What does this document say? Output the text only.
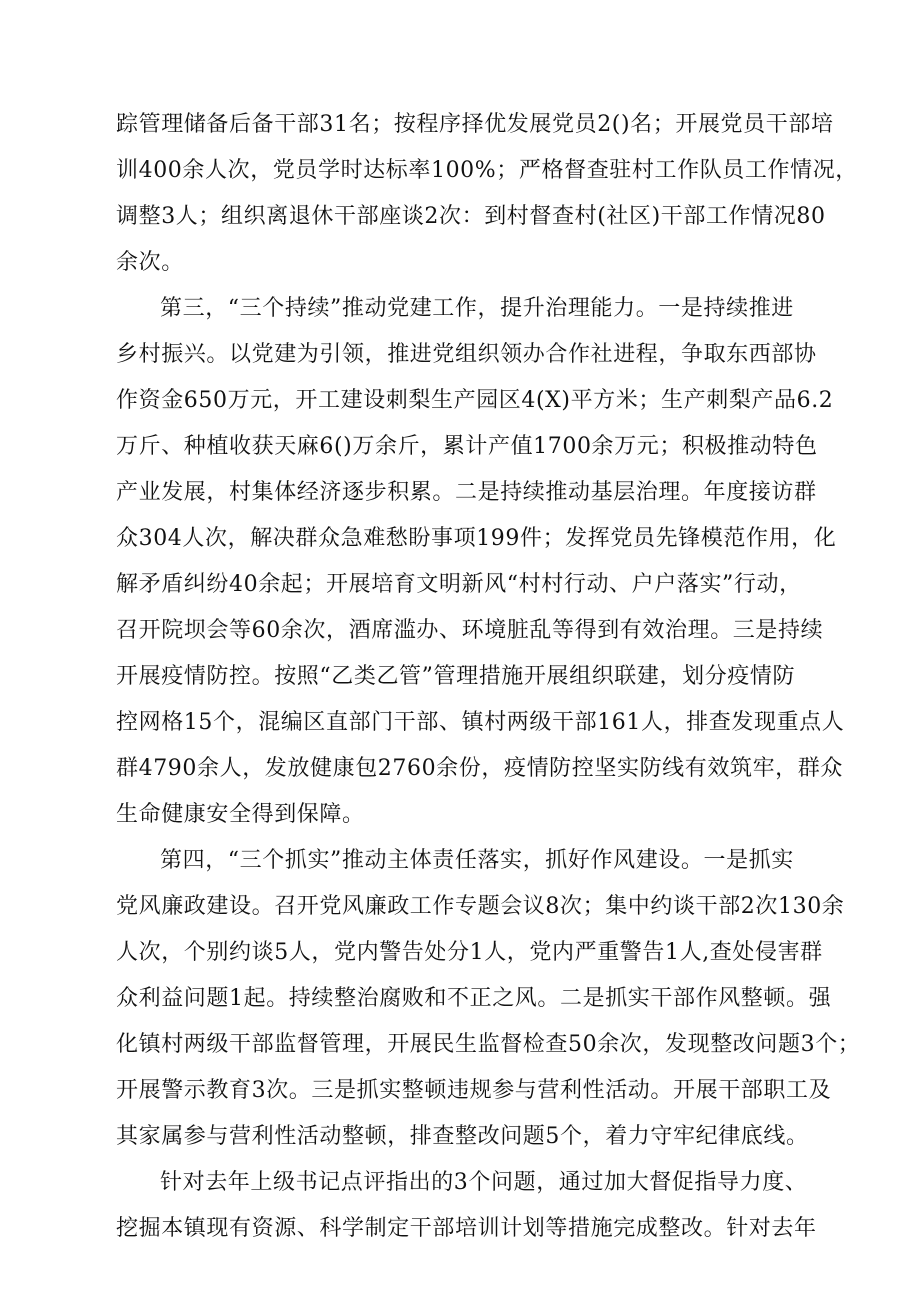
踪管理储备后备干部31名；按程序择优发展党员2()名；开展党员干部培
训400余人次，党员学时达标率100%；严格督查驻村工作队员工作情况，
调整3人；组织离退休干部座谈2次：到村督查村(社区)干部工作情况80
余次。
第三，“三个持续”推动党建工作，提升治理能力。一是持续推进
乡村振兴。以党建为引领，推进党组织领办合作社进程，争取东西部协
作资金650万元，开工建设刺梨生产园区4(X)平方米；生产刺梨产品6.2
万斤、种植收获天麻6()万余斤，累计产值1700余万元；积极推动特色
产业发展，村集体经济逐步积累。二是持续推动基层治理。年度接访群
众304人次，解决群众急难愁盼事项199件；发挥党员先锋模范作用，化
解矛盾纠纷40余起；开展培育文明新风“村村行动、户户落实”行动，
召开院坝会等60余次，酒席滥办、环境脏乱等得到有效治理。三是持续
开展疫情防控。按照“乙类乙管”管理措施开展组织联建，划分疫情防
控网格15个，混编区直部门干部、镇村两级干部161人，排查发现重点人
群4790余人，发放健康包2760余份，疫情防控坚实防线有效筑牢，群众
生命健康安全得到保障。
第四，“三个抓实”推动主体责任落实，抓好作风建设。一是抓实
党风廉政建设。召开党风廉政工作专题会议8次；集中约谈干部2次130余
人次，个别约谈5人，党内警告处分1人，党内严重警告1人,查处侵害群
众利益问题1起。持续整治腐败和不正之风。二是抓实干部作风整顿。强
化镇村两级干部监督管理，开展民生监督检查50余次，发现整改问题3个；
开展警示教育3次。三是抓实整顿违规参与营利性活动。开展干部职工及
其家属参与营利性活动整顿，排查整改问题5个，着力守牢纪律底线。
针对去年上级书记点评指出的3个问题，通过加大督促指导力度、
挖掘本镇现有资源、科学制定干部培训计划等措施完成整改。针对去年
